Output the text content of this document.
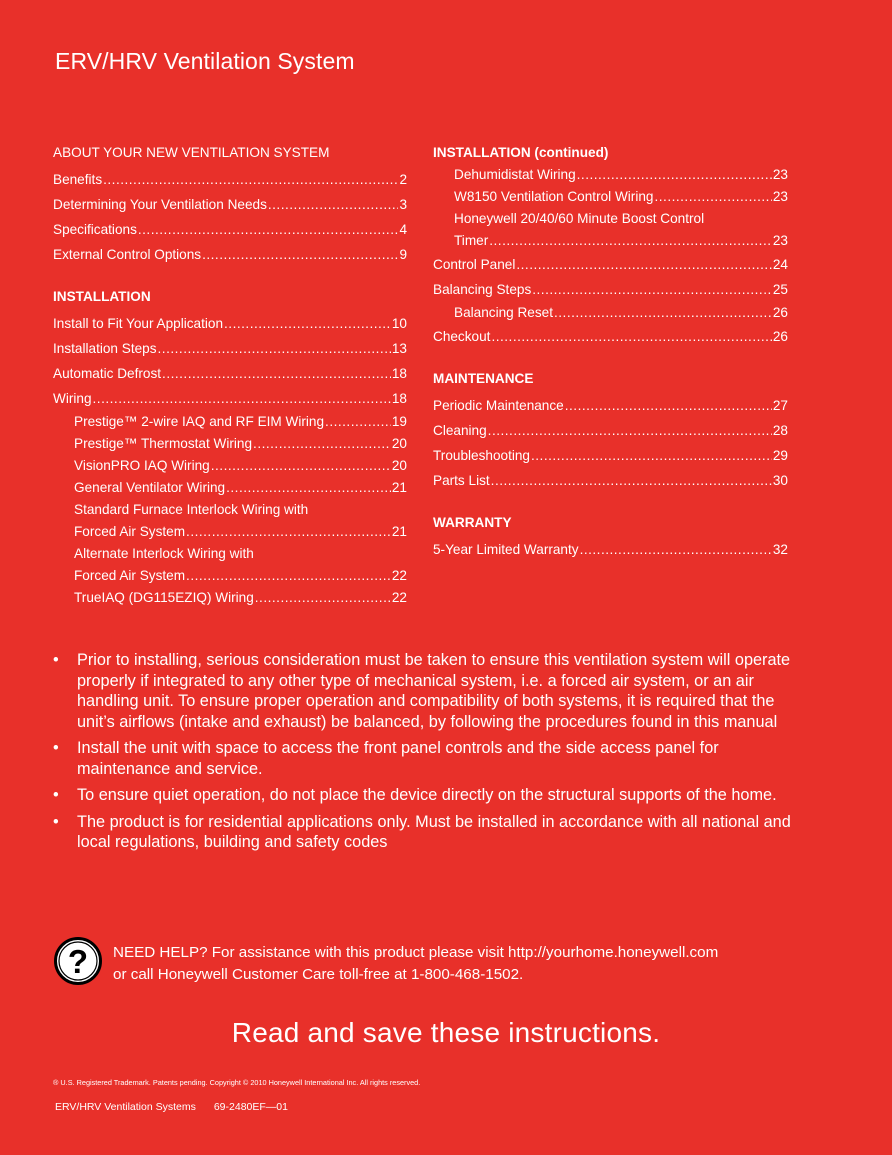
ERV/HRV Ventilation System
ABOUT YOUR NEW VENTILATION SYSTEM
Benefits .....	2
Determining Your Ventilation Needs .....	3
Specifications .....	4
External Control Options .....	9
INSTALLATION
Install to Fit Your Application .....	10
Installation Steps .....	13
Automatic Defrost .....	18
Wiring .....	18
Prestige™ 2-wire IAQ and RF EIM Wiring .....	19
Prestige™ Thermostat Wiring .....	20
VisionPRO IAQ Wiring .....	20
General Ventilator Wiring .....	21
Standard Furnace Interlock Wiring with
Forced Air System .....	21
Alternate Interlock Wiring with
Forced Air System .....	22
TrueIAQ (DG115EZIQ) Wiring .....	22
INSTALLATION (continued)
Dehumidistat Wiring .....	23
W8150 Ventilation Control Wiring .....	23
Honeywell 20/40/60 Minute Boost Control
Timer .....	23
Control Panel .....	24
Balancing Steps .....	25
Balancing Reset .....	26
Checkout .....	26
MAINTENANCE
Periodic Maintenance .....	27
Cleaning .....	28
Troubleshooting .....	29
Parts List .....	30
WARRANTY
5-Year Limited Warranty .....	32
• Prior to installing, serious consideration must be taken to ensure this ventilation system will operate properly if integrated to any other type of mechanical system, i.e. a forced air system, or an air handling unit. To ensure proper operation and compatibility of both systems, it is required that the unit’s airflows (intake and exhaust) be balanced, by following the procedures found in this manual
• Install the unit with space to access the front panel controls and the side access panel for maintenance and service.
• To ensure quiet operation, do not place the device directly on the structural supports of the home.
• The product is for residential applications only. Must be installed in accordance with all national and local regulations, building and safety codes
? NEED HELP? For assistance with this product please visit http://yourhome.honeywell.com
or call Honeywell Customer Care toll-free at 1-800-468-1502.
Read and save these instructions.
® U.S. Registered Trademark. Patents pending. Copyright © 2010 Honeywell International Inc. All rights reserved.
ERV/HRV Ventilation Systems 69-2480EF—01
